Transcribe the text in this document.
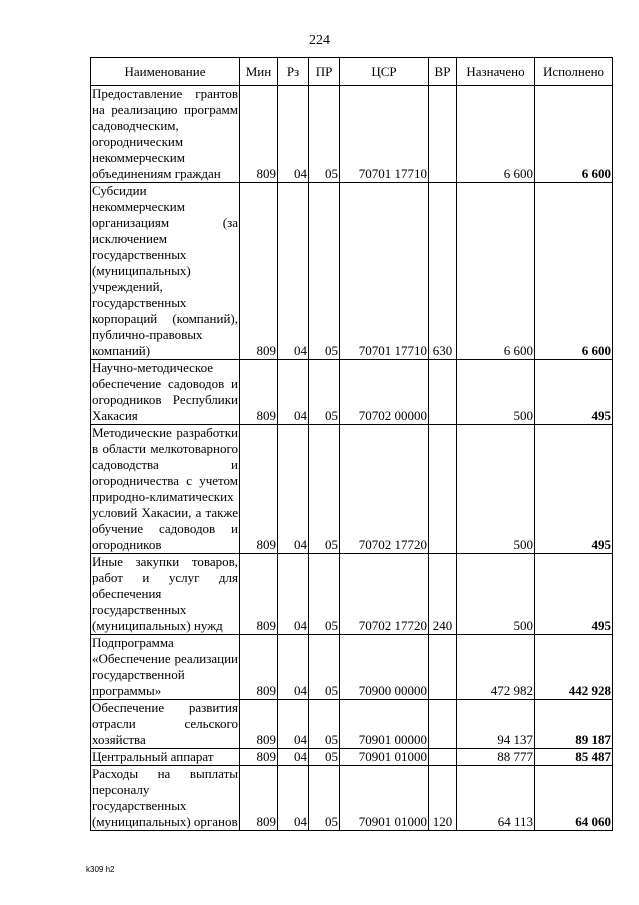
224
Наименование	Мин	Рз	ПР	ЦСР	ВР	Назначено	Исполнено
Предоставление грантов на реализацию программ садоводческим, огородническим некоммерческим объединениям граждан	809	04	05	70701 17710		6 600	6 600
Субсидии некоммерческим организациям (за исключением государственных (муниципальных) учреждений, государственных корпораций (компаний), публично-правовых компаний)	809	04	05	70701 17710	630	6 600	6 600
Научно-методическое обеспечение садоводов и огородников Республики Хакасия	809	04	05	70702 00000		500	495
Методические разработки в области мелкотоварного садоводства и огородничества с учетом природно-климатических условий Хакасии, а также обучение садоводов и огородников	809	04	05	70702 17720		500	495
Иные закупки товаров, работ и услуг для обеспечения государственных (муниципальных) нужд	809	04	05	70702 17720	240	500	495
Подпрограмма «Обеспечение реализации государственной программы»	809	04	05	70900 00000		472 982	442 928
Обеспечение развития отрасли сельского хозяйства	809	04	05	70901 00000		94 137	89 187
Центральный аппарат	809	04	05	70901 01000		88 777	85 487
Расходы на выплаты персоналу государственных (муниципальных) органов	809	04	05	70901 01000	120	64 113	64 060
k309 h2
